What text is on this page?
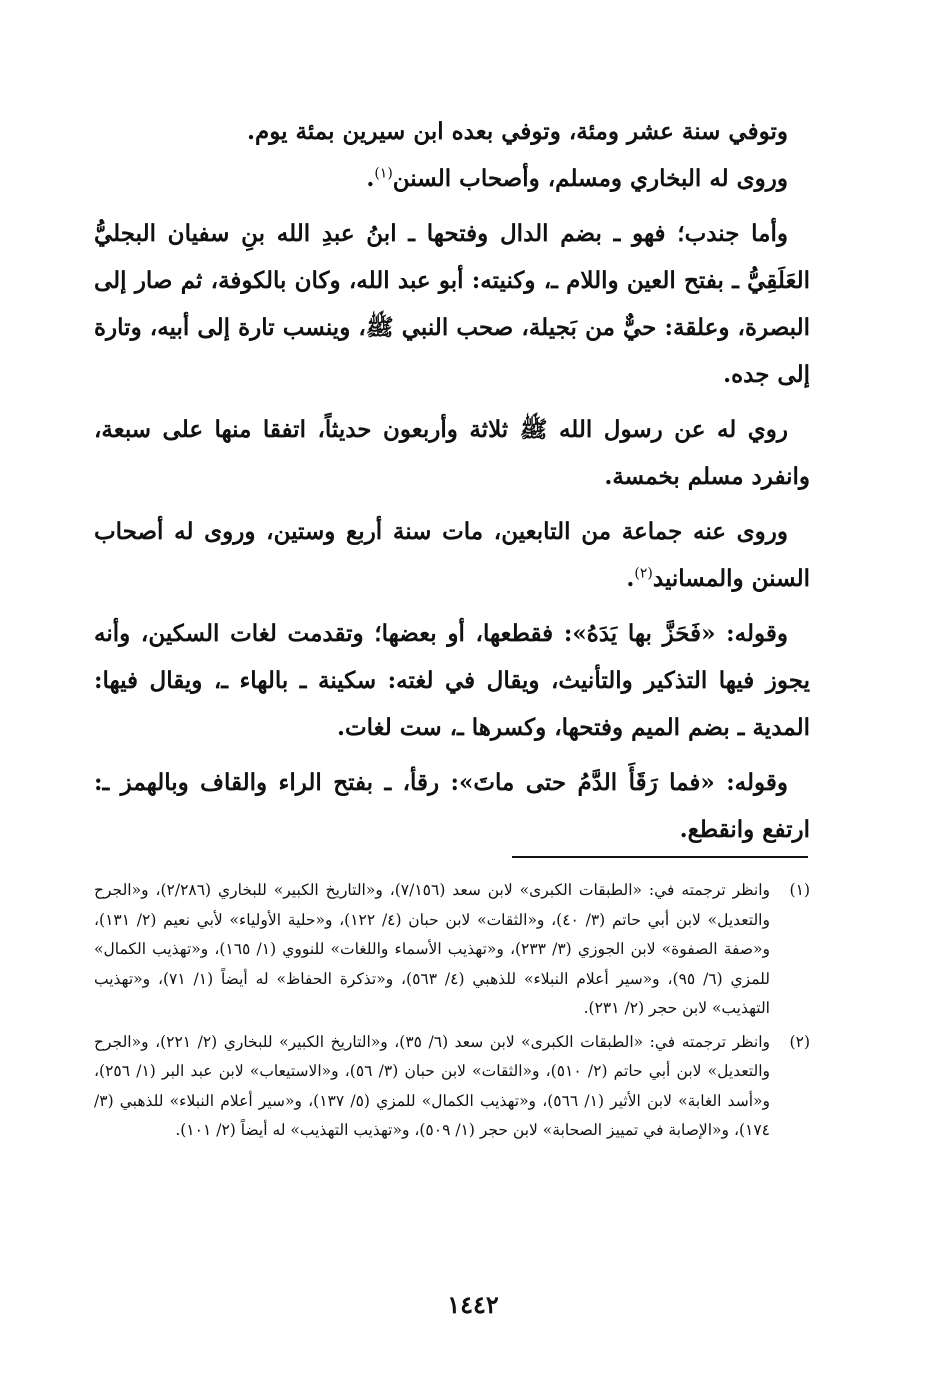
وتوفي سنة عشر ومئة، وتوفي بعده ابن سيرين بمئة يوم.
وروى له البخاري ومسلم، وأصحاب السنن$^{(١)}$.

وأما جندب؛ فهو ـ بضم الدال وفتحها ـ ابنُ عبدِ الله بنِ سفيان البجليُّ العَلَقِيُّ ـ بفتح العين واللام ـ، وكنيته: أبو عبد الله، وكان بالكوفة، ثم صار إلى البصرة، وعلقة: حيٌّ من بَجيلة، صحب النبي ﷺ، وينسب تارة إلى أبيه، وتارة إلى جده.

روي له عن رسول الله ﷺ ثلاثة وأربعون حديثاً، اتفقا منها على سبعة، وانفرد مسلم بخمسة.

وروى عنه جماعة من التابعين، مات سنة أربع وستين، وروى له أصحاب السنن والمسانيد$^{(٢)}$.

وقوله: «فَحَزَّ بها يَدَهُ»: فقطعها، أو بعضها؛ وتقدمت لغات السكين، وأنه يجوز فيها التذكير والتأنيث، ويقال في لغته: سكينة ـ بالهاء ـ، ويقال فيها: المدية ـ بضم الميم وفتحها، وكسرها ـ، ست لغات.

وقوله: «فما رَقَأَ الدَّمُ حتى ماتَ»: رقأ، ـ بفتح الراء والقاف وبالهمز ـ: ارتفع وانقطع.

(١)
وانظر ترجمته في: «الطبقات الكبرى» لابن سعد (٧/١٥٦)، و«التاريخ الكبير» للبخاري (٢/٢٨٦)، و«الجرح والتعديل» لابن أبي حاتم (٣/ ٤٠)، و«الثقات» لابن حبان (٤/ ١٢٢)، و«حلية الأولياء» لأبي نعيم (٢/ ١٣١)، و«صفة الصفوة» لابن الجوزي (٣/ ٢٣٣)، و«تهذيب الأسماء واللغات» للنووي (١/ ١٦٥)، و«تهذيب الكمال» للمزي (٦/ ٩٥)، و«سير أعلام النبلاء» للذهبي (٤/ ٥٦٣)، و«تذكرة الحفاظ» له أيضاً (١/ ٧١)، و«تهذيب التهذيب» لابن حجر (٢/ ٢٣١).
(٢)
وانظر ترجمته في: «الطبقات الكبرى» لابن سعد (٦/ ٣٥)، و«التاريخ الكبير» للبخاري (٢/ ٢٢١)، و«الجرح والتعديل» لابن أبي حاتم (٢/ ٥١٠)، و«الثقات» لابن حبان (٣/ ٥٦)، و«الاستيعاب» لابن عبد البر (١/ ٢٥٦)، و«أسد الغابة» لابن الأثير (١/ ٥٦٦)، و«تهذيب الكمال» للمزي (٥/ ١٣٧)، و«سير أعلام النبلاء» للذهبي (٣/ ١٧٤)، و«الإصابة في تمييز الصحابة» لابن حجر (١/ ٥٠٩)، و«تهذيب التهذيب» له أيضاً (٢/ ١٠١).
١٤٤٢
